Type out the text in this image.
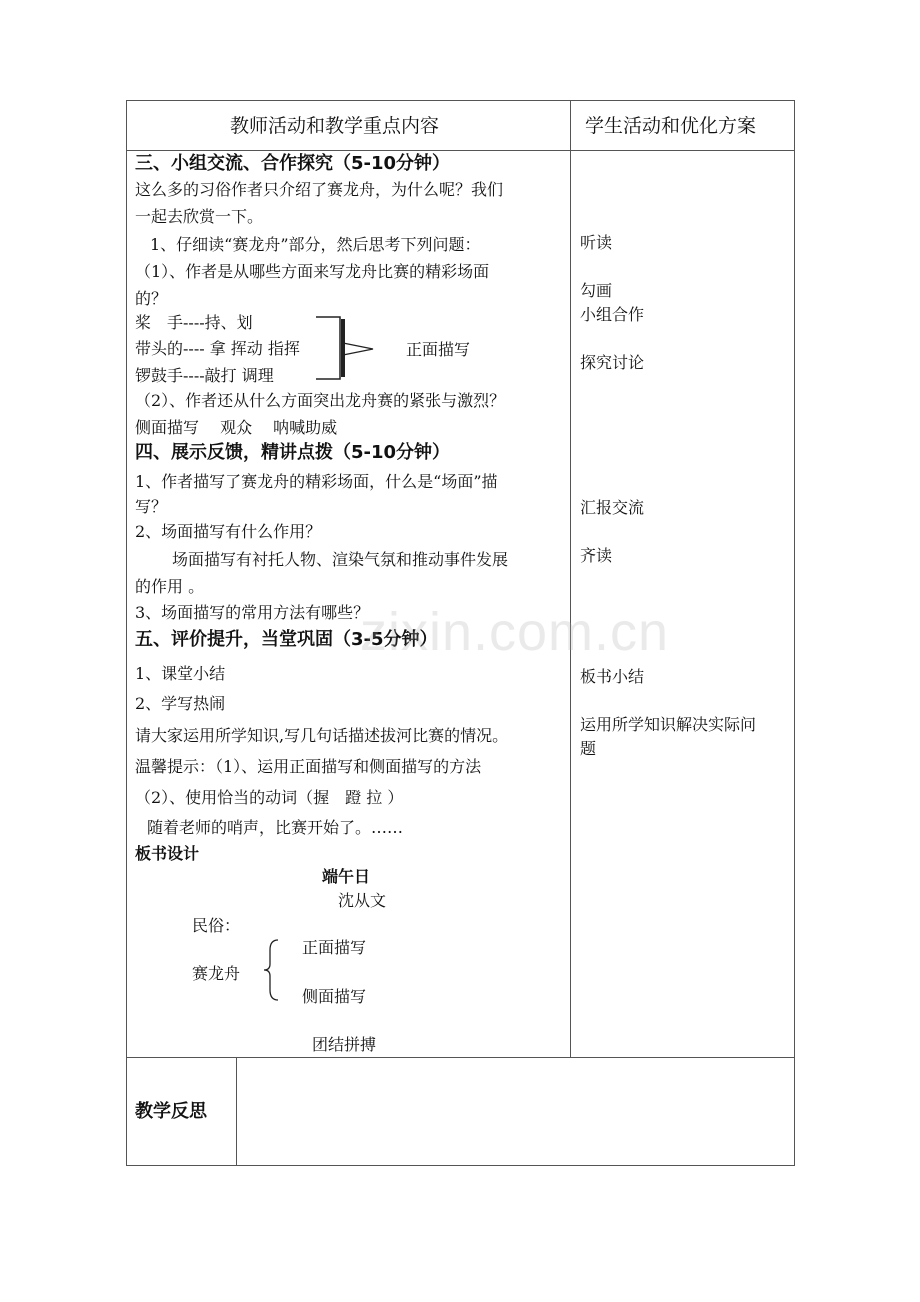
教师活动和教学重点内容	学生活动和优化方案
三、小组交流、合作探究（5-10分钟）
这么多的习俗作者只介绍了赛龙舟，为什么呢？我们
一起去欣赏一下。
1、仔细读“赛龙舟”部分，然后思考下列问题：
（1）、作者是从哪些方面来写龙舟比赛的精彩场面
的？
桨　手----持、划
带头的---- 拿 挥动 指挥
锣鼓手----敲打 调理
正面描写
（2）、作者还从什么方面突出龙舟赛的紧张与激烈？
侧面描写　 观众　 呐喊助威
四、展示反馈，精讲点拨（5-10分钟）
1、作者描写了赛龙舟的精彩场面，什么是“场面”描
写？
2、场面描写有什么作用？
场面描写有衬托人物、渲染气氛和推动事件发展
的作用 。
3、场面描写的常用方法有哪些？
五、评价提升，当堂巩固（3-5分钟）
1、课堂小结
2、学写热闹
请大家运用所学知识,写几句话描述拔河比赛的情况。
温馨提示：（1）、运用正面描写和侧面描写的方法
（2）、使用恰当的动词（握　蹬 拉 ）
随着老师的哨声，比赛开始了。……
板书设计
端午日
沈从文
民俗：
赛龙舟
正面描写
侧面描写
团结拼搏
听读
勾画
小组合作
探究讨论
汇报交流
齐读
板书小结
运用所学知识解决实际问
题
教学反思
zixin.com.cn
